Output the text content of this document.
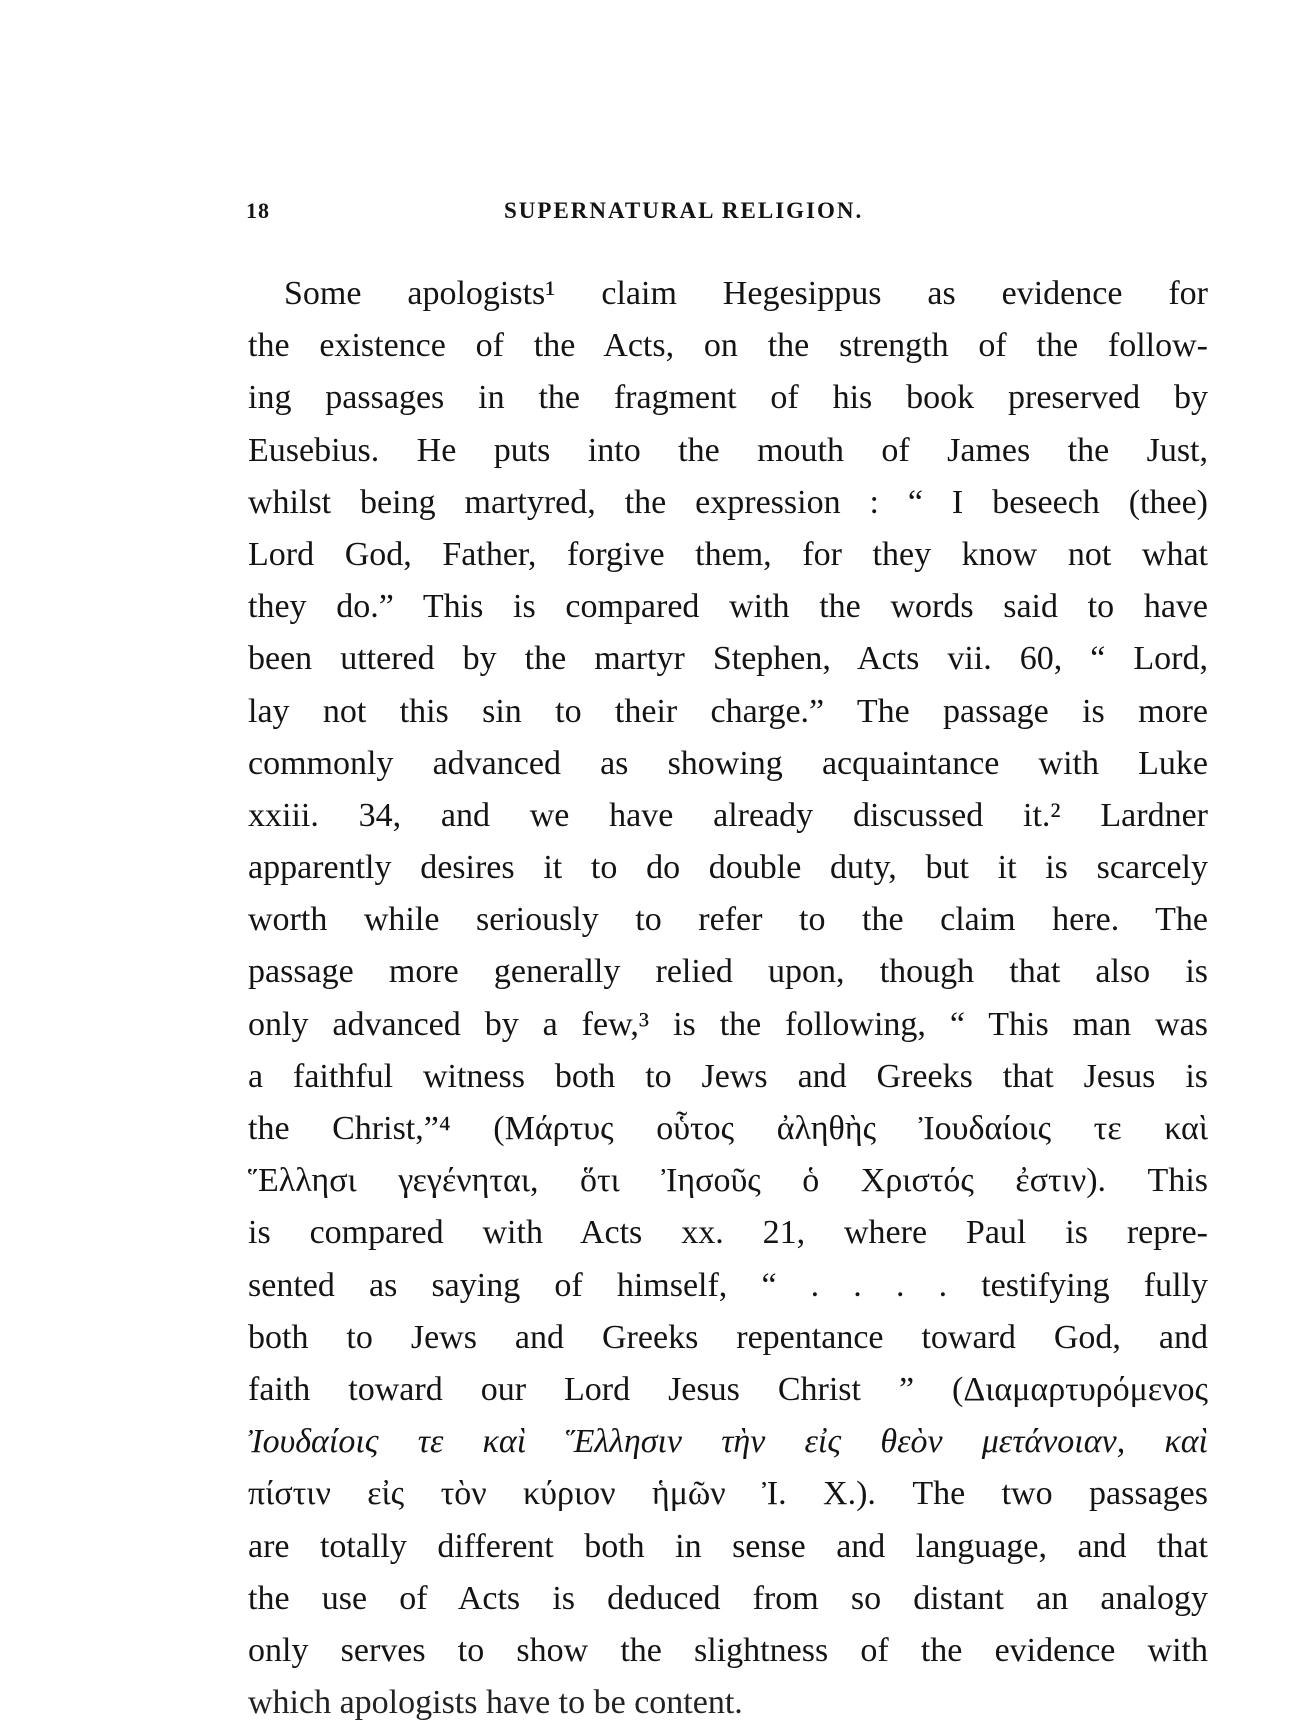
18	SUPERNATURAL RELIGION.
Some apologists¹ claim Hegesippus as evidence for
the existence of the Acts, on the strength of the follow-
ing passages in the fragment of his book preserved by
Eusebius. He puts into the mouth of James the Just,
whilst being martyred, the expression : “ I beseech (thee)
Lord God, Father, forgive them, for they know not what
they do.” This is compared with the words said to have
been uttered by the martyr Stephen, Acts vii. 60, “ Lord,
lay not this sin to their charge.” The passage is more
commonly advanced as showing acquaintance with Luke
xxiii. 34, and we have already discussed it.² Lardner
apparently desires it to do double duty, but it is scarcely
worth while seriously to refer to the claim here. The
passage more generally relied upon, though that also is
only advanced by a few,³ is the following, “ This man was
a faithful witness both to Jews and Greeks that Jesus is
the Christ,”⁴ (Μάρτυς οὗτος ἀληθὴς Ἰουδαίοις τε καὶ
Ἕλλησι γεγένηται, ὅτι Ἰησοῦς ὁ Χριστός ἐστιν). This
is compared with Acts xx. 21, where Paul is repre-
sented as saying of himself, “ . . . . testifying fully
both to Jews and Greeks repentance toward God, and
faith toward our Lord Jesus Christ ” (Διαμαρτυρόμενος
Ἰουδαίοις τε καὶ Ἕλλησιν τὴν εἰς θεὸν μετάνοιαν, καὶ
πίστιν εἰς τὸν κύριον ἡμῶν Ἰ. Χ.). The two passages
are totally different both in sense and language, and that
the use of Acts is deduced from so distant an analogy
only serves to show the slightness of the evidence with
which apologists have to be content.
